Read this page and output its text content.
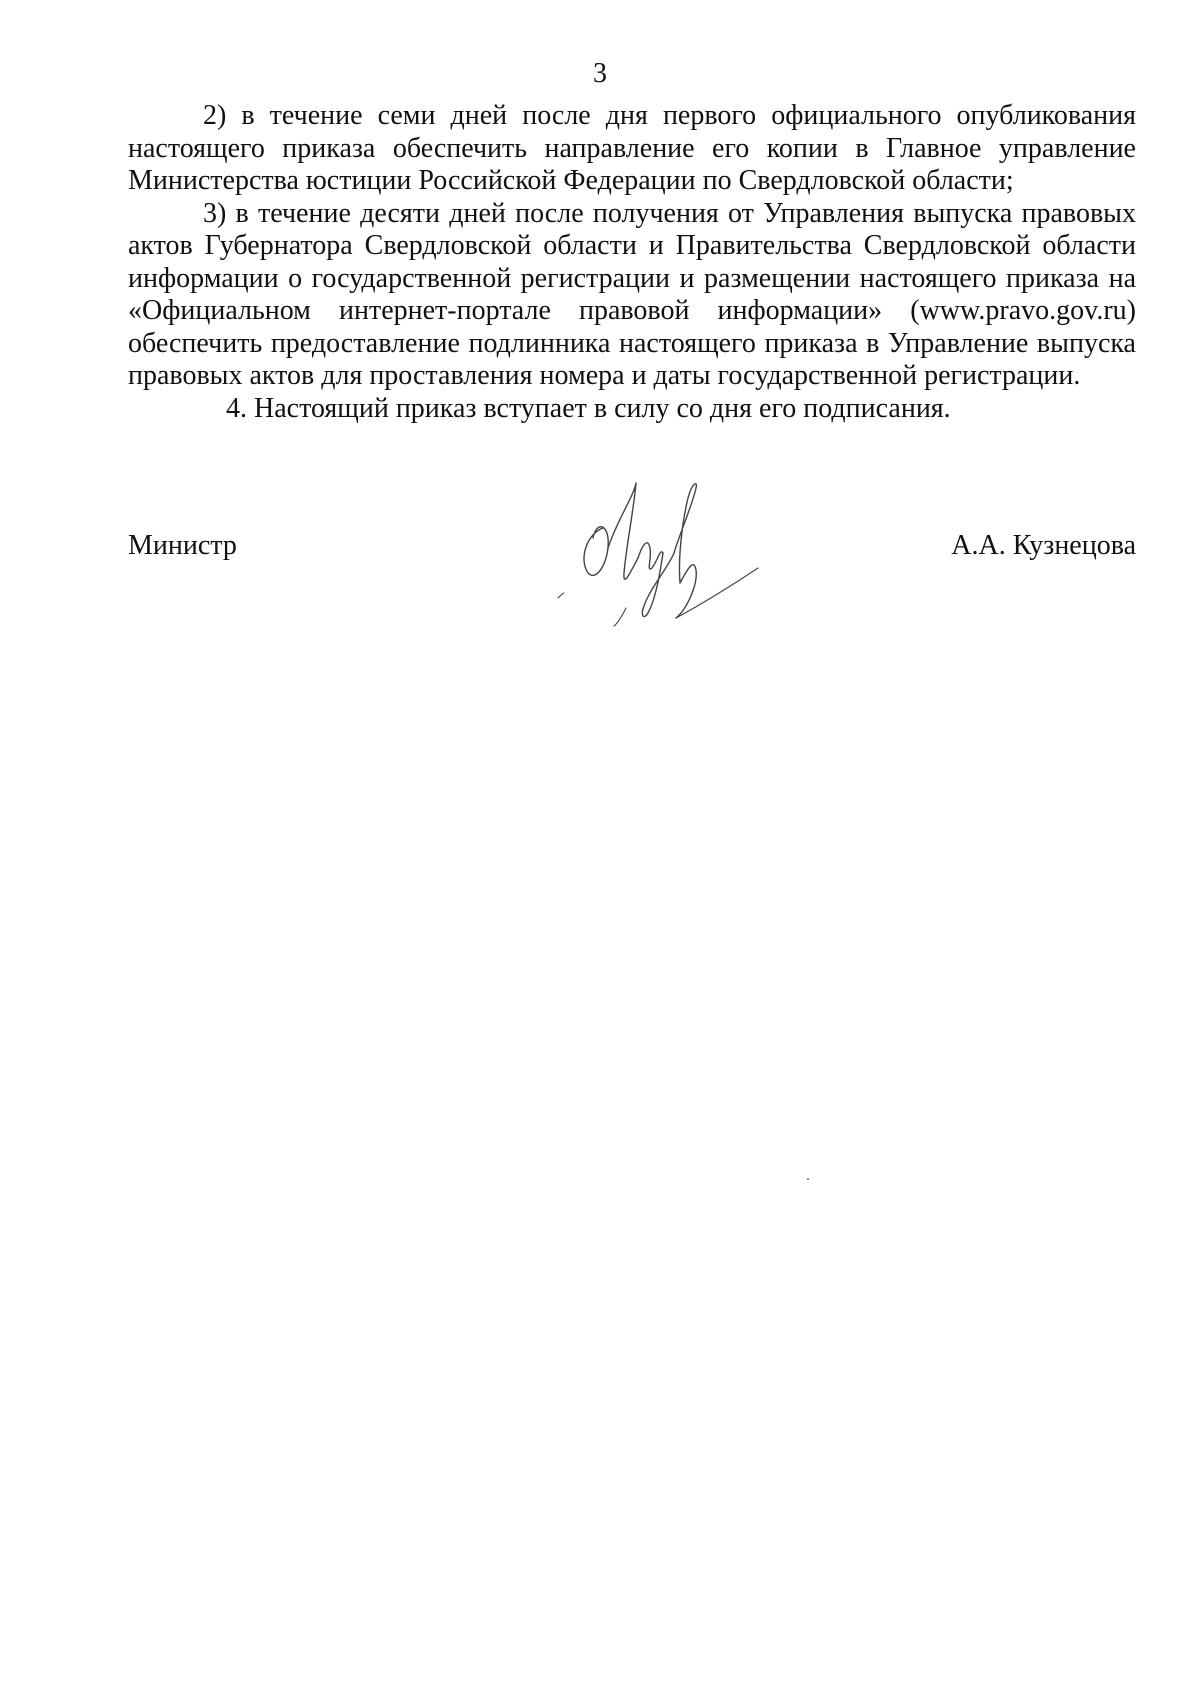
3

2) в течение семи дней после дня первого официального опубликования настоящего приказа обеспечить направление его копии в Главное управление Министерства юстиции Российской Федерации по Свердловской области;

3) в течение десяти дней после получения от Управления выпуска правовых актов Губернатора Свердловской области и Правительства Свердловской области информации о государственной регистрации и размещении настоящего приказа на «Официальном интернет-портале правовой информации» (www.pravo.gov.ru) обеспечить предоставление подлинника настоящего приказа в Управление выпуска правовых актов для проставления номера и даты государственной регистрации.

4. Настоящий приказ вступает в силу со дня его подписания.

Министр	А.А. Кузнецова
